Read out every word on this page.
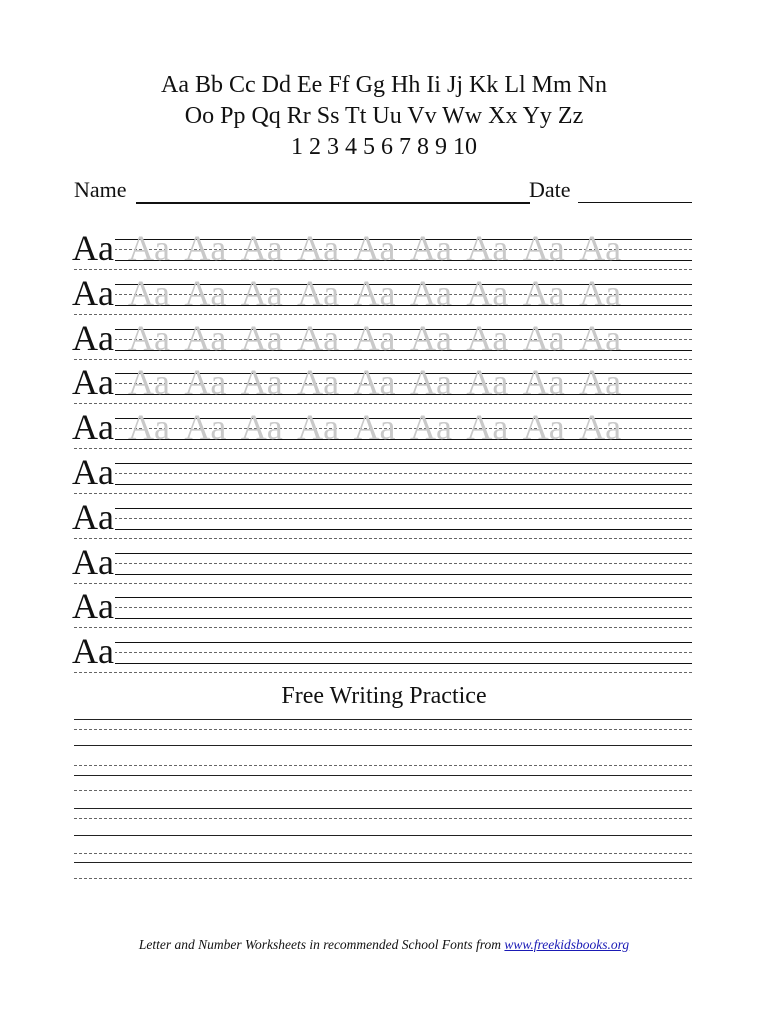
Aa Bb Cc Dd Ee Ff Gg Hh Ii Jj Kk Ll Mm Nn
Oo Pp Qq Rr Ss Tt Uu Vv Ww Xx Yy Zz
1 2 3 4 5 6 7 8 9 10
Name	Date
Aa Aa Aa Aa Aa Aa Aa Aa Aa
Aa
Aa Aa Aa Aa Aa Aa Aa Aa Aa
Aa
Aa Aa Aa Aa Aa Aa Aa Aa Aa
Aa
Aa Aa Aa Aa Aa Aa Aa Aa Aa
Aa
Aa Aa Aa Aa Aa Aa Aa Aa Aa
Aa
Aa
Aa
Aa
Aa
Aa
Free Writing Practice
Letter and Number Worksheets in recommended School Fonts from www.freekidsbooks.org
